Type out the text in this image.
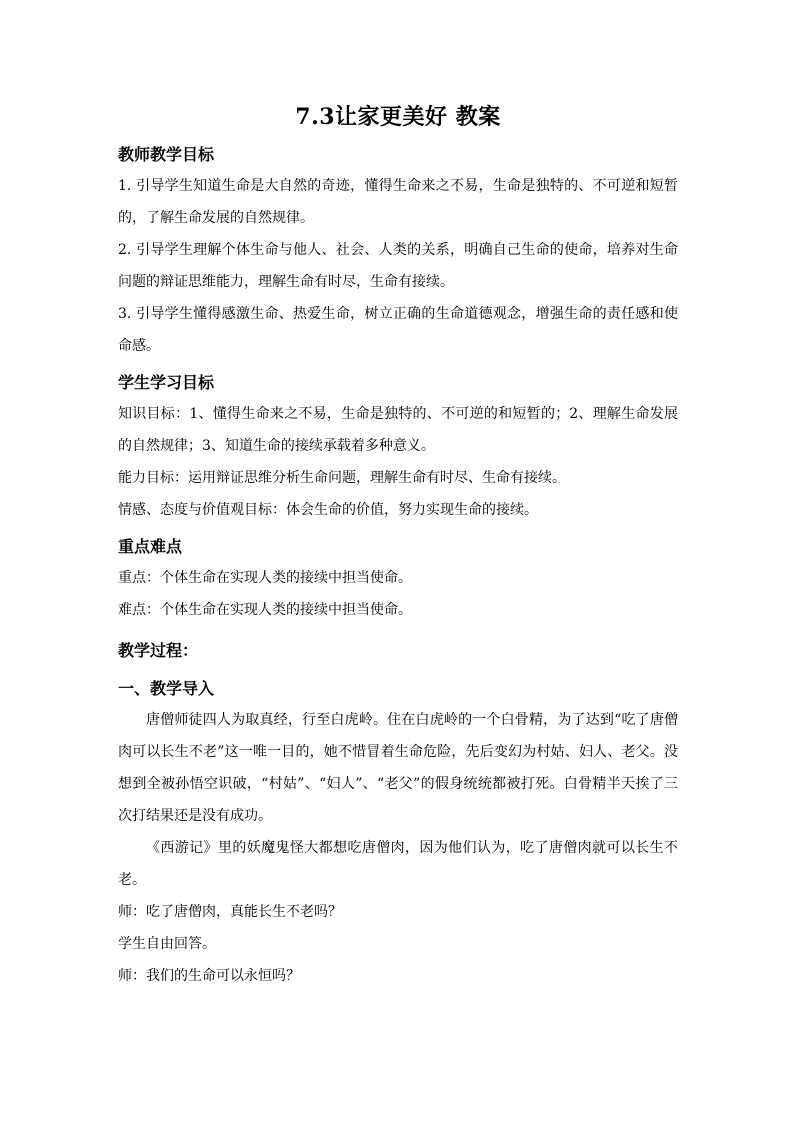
7.3让家更美好 教案
教师教学目标

1. 引导学生知道生命是大自然的奇迹，懂得生命来之不易，生命是独特的、不可逆和短暂的，了解生命发展的自然规律。

2. 引导学生理解个体生命与他人、社会、人类的关系，明确自己生命的使命，培养对生命问题的辩证思维能力，理解生命有时尽，生命有接续。

3. 引导学生懂得感激生命、热爱生命，树立正确的生命道德观念，增强生命的责任感和使命感。

学生学习目标

知识目标：1、懂得生命来之不易，生命是独特的、不可逆的和短暂的；2、理解生命发展的自然规律；3、知道生命的接续承载着多种意义。

能力目标：运用辩证思维分析生命问题，理解生命有时尽、生命有接续。

情感、态度与价值观目标：体会生命的价值，努力实现生命的接续。

重点难点

重点：个体生命在实现人类的接续中担当使命。

难点：个体生命在实现人类的接续中担当使命。

教学过程：
一、教学导入

唐僧师徒四人为取真经，行至白虎岭。住在白虎岭的一个白骨精，为了达到“吃了唐僧肉可以长生不老”这一唯一目的，她不惜冒着生命危险，先后变幻为村姑、妇人、老父。没想到全被孙悟空识破，“村姑”、“妇人”、“老父”的假身统统都被打死。白骨精半天挨了三次打结果还是没有成功。

《西游记》里的妖魔鬼怪大都想吃唐僧肉，因为他们认为，吃了唐僧肉就可以长生不老。

师：吃了唐僧肉，真能长生不老吗？

学生自由回答。

师：我们的生命可以永恒吗？
